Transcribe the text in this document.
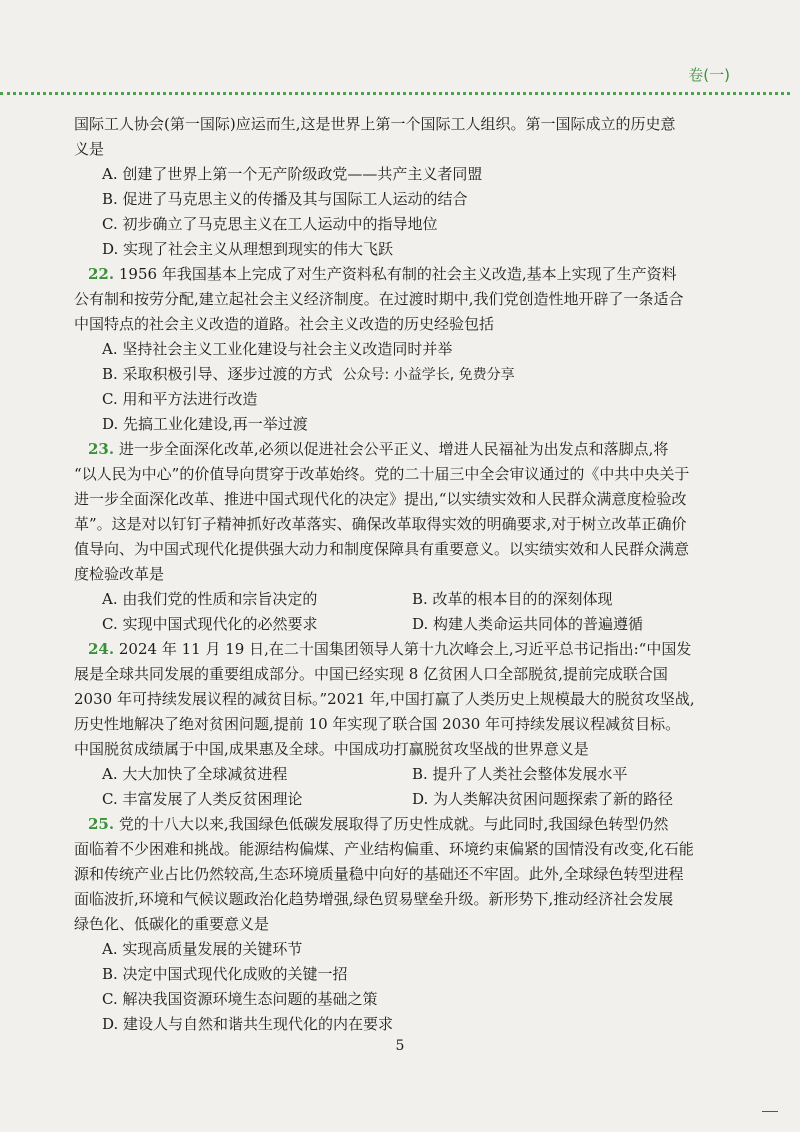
卷(一)
国际工人协会(第一国际)应运而生,这是世界上第一个国际工人组织。第一国际成立的历史意
义是
A. 创建了世界上第一个无产阶级政党——共产主义者同盟
B. 促进了马克思主义的传播及其与国际工人运动的结合
C. 初步确立了马克思主义在工人运动中的指导地位
D. 实现了社会主义从理想到现实的伟大飞跃
22. 1956 年我国基本上完成了对生产资料私有制的社会主义改造,基本上实现了生产资料
公有制和按劳分配,建立起社会主义经济制度。在过渡时期中,我们党创造性地开辟了一条适合
中国特点的社会主义改造的道路。社会主义改造的历史经验包括
A. 坚持社会主义工业化建设与社会主义改造同时并举
B. 采取积极引导、逐步过渡的方式 公众号: 小益学长, 免费分享
C. 用和平方法进行改造
D. 先搞工业化建设,再一举过渡
23. 进一步全面深化改革,必须以促进社会公平正义、增进人民福祉为出发点和落脚点,将
“以人民为中心”的价值导向贯穿于改革始终。党的二十届三中全会审议通过的《中共中央关于
进一步全面深化改革、推进中国式现代化的决定》提出,“以实绩实效和人民群众满意度检验改
革”。这是对以钉钉子精神抓好改革落实、确保改革取得实效的明确要求,对于树立改革正确价
值导向、为中国式现代化提供强大动力和制度保障具有重要意义。以实绩实效和人民群众满意
度检验改革是
A. 由我们党的性质和宗旨决定的	B. 改革的根本目的的深刻体现
C. 实现中国式现代化的必然要求	D. 构建人类命运共同体的普遍遵循
24. 2024 年 11 月 19 日,在二十国集团领导人第十九次峰会上,习近平总书记指出:“中国发
展是全球共同发展的重要组成部分。中国已经实现 8 亿贫困人口全部脱贫,提前完成联合国
2030 年可持续发展议程的减贫目标。”2021 年,中国打赢了人类历史上规模最大的脱贫攻坚战,
历史性地解决了绝对贫困问题,提前 10 年实现了联合国 2030 年可持续发展议程减贫目标。
中国脱贫成绩属于中国,成果惠及全球。中国成功打赢脱贫攻坚战的世界意义是
A. 大大加快了全球减贫进程	B. 提升了人类社会整体发展水平
C. 丰富发展了人类反贫困理论	D. 为人类解决贫困问题探索了新的路径
25. 党的十八大以来,我国绿色低碳发展取得了历史性成就。与此同时,我国绿色转型仍然
面临着不少困难和挑战。能源结构偏煤、产业结构偏重、环境约束偏紧的国情没有改变,化石能
源和传统产业占比仍然较高,生态环境质量稳中向好的基础还不牢固。此外,全球绿色转型进程
面临波折,环境和气候议题政治化趋势增强,绿色贸易壁垒升级。新形势下,推动经济社会发展
绿色化、低碳化的重要意义是
A. 实现高质量发展的关键环节
B. 决定中国式现代化成败的关键一招
C. 解决我国资源环境生态问题的基础之策
D. 建设人与自然和谐共生现代化的内在要求
5
